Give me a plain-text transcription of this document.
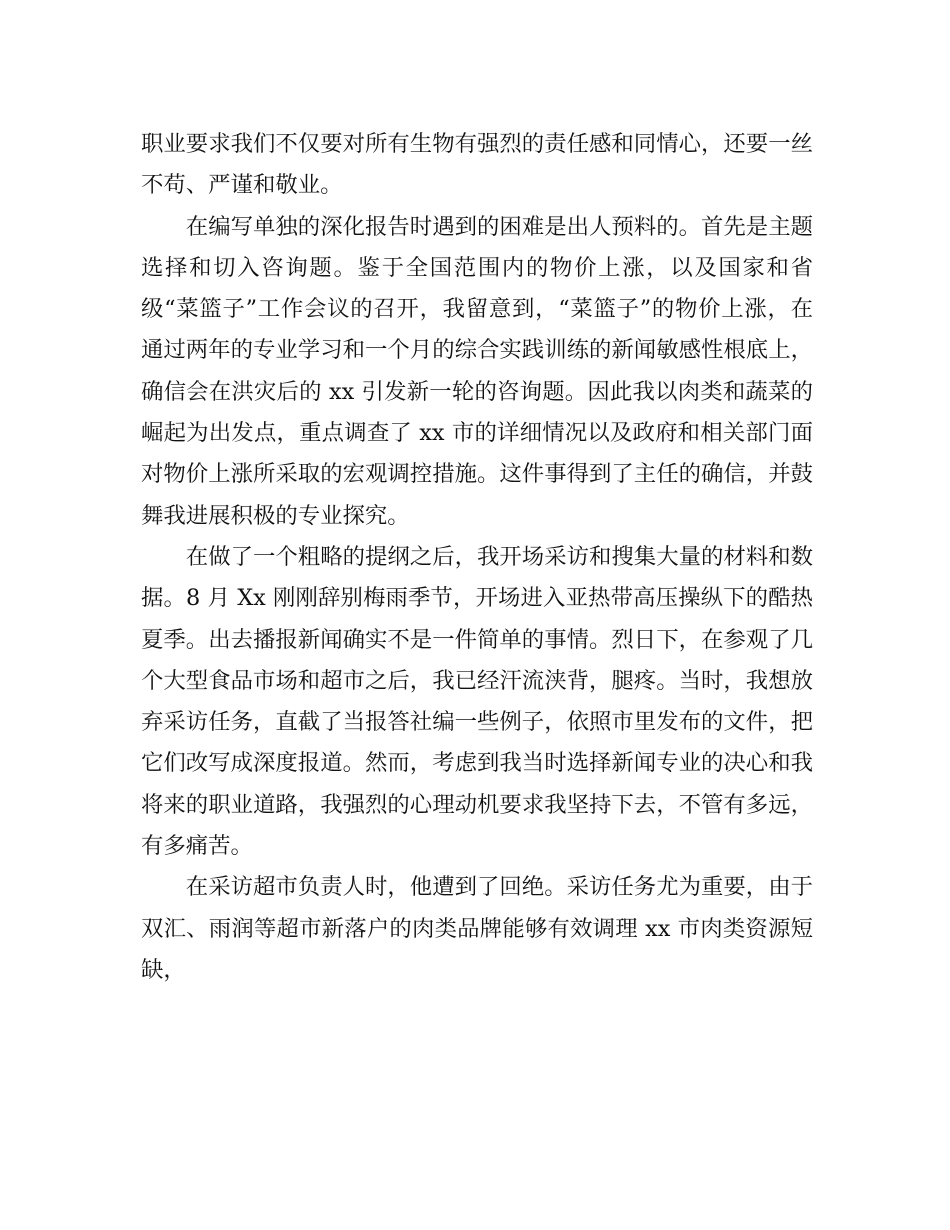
职业要求我们不仅要对所有生物有强烈的责任感和同情心，还要一丝不苟、严谨和敬业。

在编写单独的深化报告时遇到的困难是出人预料的。首先是主题选择和切入咨询题。鉴于全国范围内的物价上涨，以及国家和省级“菜篮子”工作会议的召开，我留意到，“菜篮子”的物价上涨，在通过两年的专业学习和一个月的综合实践训练的新闻敏感性根底上，确信会在洪灾后的 xx 引发新一轮的咨询题。因此我以肉类和蔬菜的崛起为出发点，重点调查了 xx 市的详细情况以及政府和相关部门面对物价上涨所采取的宏观调控措施。这件事得到了主任的确信，并鼓舞我进展积极的专业探究。

在做了一个粗略的提纲之后，我开场采访和搜集大量的材料和数据。8 月 Xx 刚刚辞别梅雨季节，开场进入亚热带高压操纵下的酷热夏季。出去播报新闻确实不是一件简单的事情。烈日下，在参观了几个大型食品市场和超市之后，我已经汗流浃背，腿疼。当时，我想放弃采访任务，直截了当报答社编一些例子，依照市里发布的文件，把它们改写成深度报道。然而，考虑到我当时选择新闻专业的决心和我将来的职业道路，我强烈的心理动机要求我坚持下去，不管有多远，有多痛苦。

在采访超市负责人时，他遭到了回绝。采访任务尤为重要，由于双汇、雨润等超市新落户的肉类品牌能够有效调理 xx 市肉类资源短缺，
